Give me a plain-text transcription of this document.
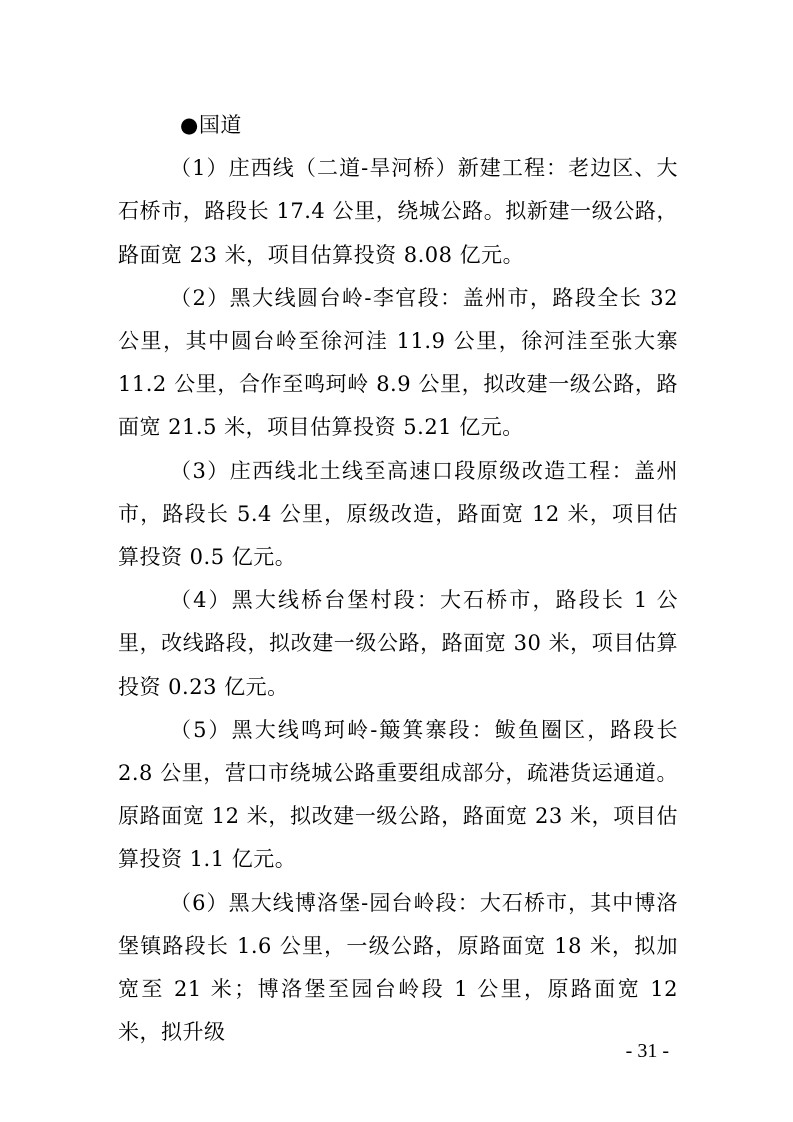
●国道

（1）庄西线（二道-旱河桥）新建工程：老边区、大石桥市，路段长 17.4 公里，绕城公路。拟新建一级公路，路面宽 23 米，项目估算投资 8.08 亿元。

（2）黑大线圆台岭-李官段：盖州市，路段全长 32 公里，其中圆台岭至徐河洼 11.9 公里，徐河洼至张大寨 11.2 公里，合作至鸣珂岭 8.9 公里，拟改建一级公路，路面宽 21.5 米，项目估算投资 5.21 亿元。

（3）庄西线北土线至高速口段原级改造工程：盖州市，路段长 5.4 公里，原级改造，路面宽 12 米，项目估算投资 0.5 亿元。

（4）黑大线桥台堡村段：大石桥市，路段长 1 公里，改线路段，拟改建一级公路，路面宽 30 米，项目估算投资 0.23 亿元。

（5）黑大线鸣珂岭-簸箕寨段：鲅鱼圈区，路段长 2.8 公里，营口市绕城公路重要组成部分，疏港货运通道。原路面宽 12 米，拟改建一级公路，路面宽 23 米，项目估算投资 1.1 亿元。

（6）黑大线博洛堡-园台岭段：大石桥市，其中博洛堡镇路段长 1.6 公里，一级公路，原路面宽 18 米，拟加宽至 21 米；博洛堡至园台岭段 1 公里，原路面宽 12 米，拟升级

- 31 -
